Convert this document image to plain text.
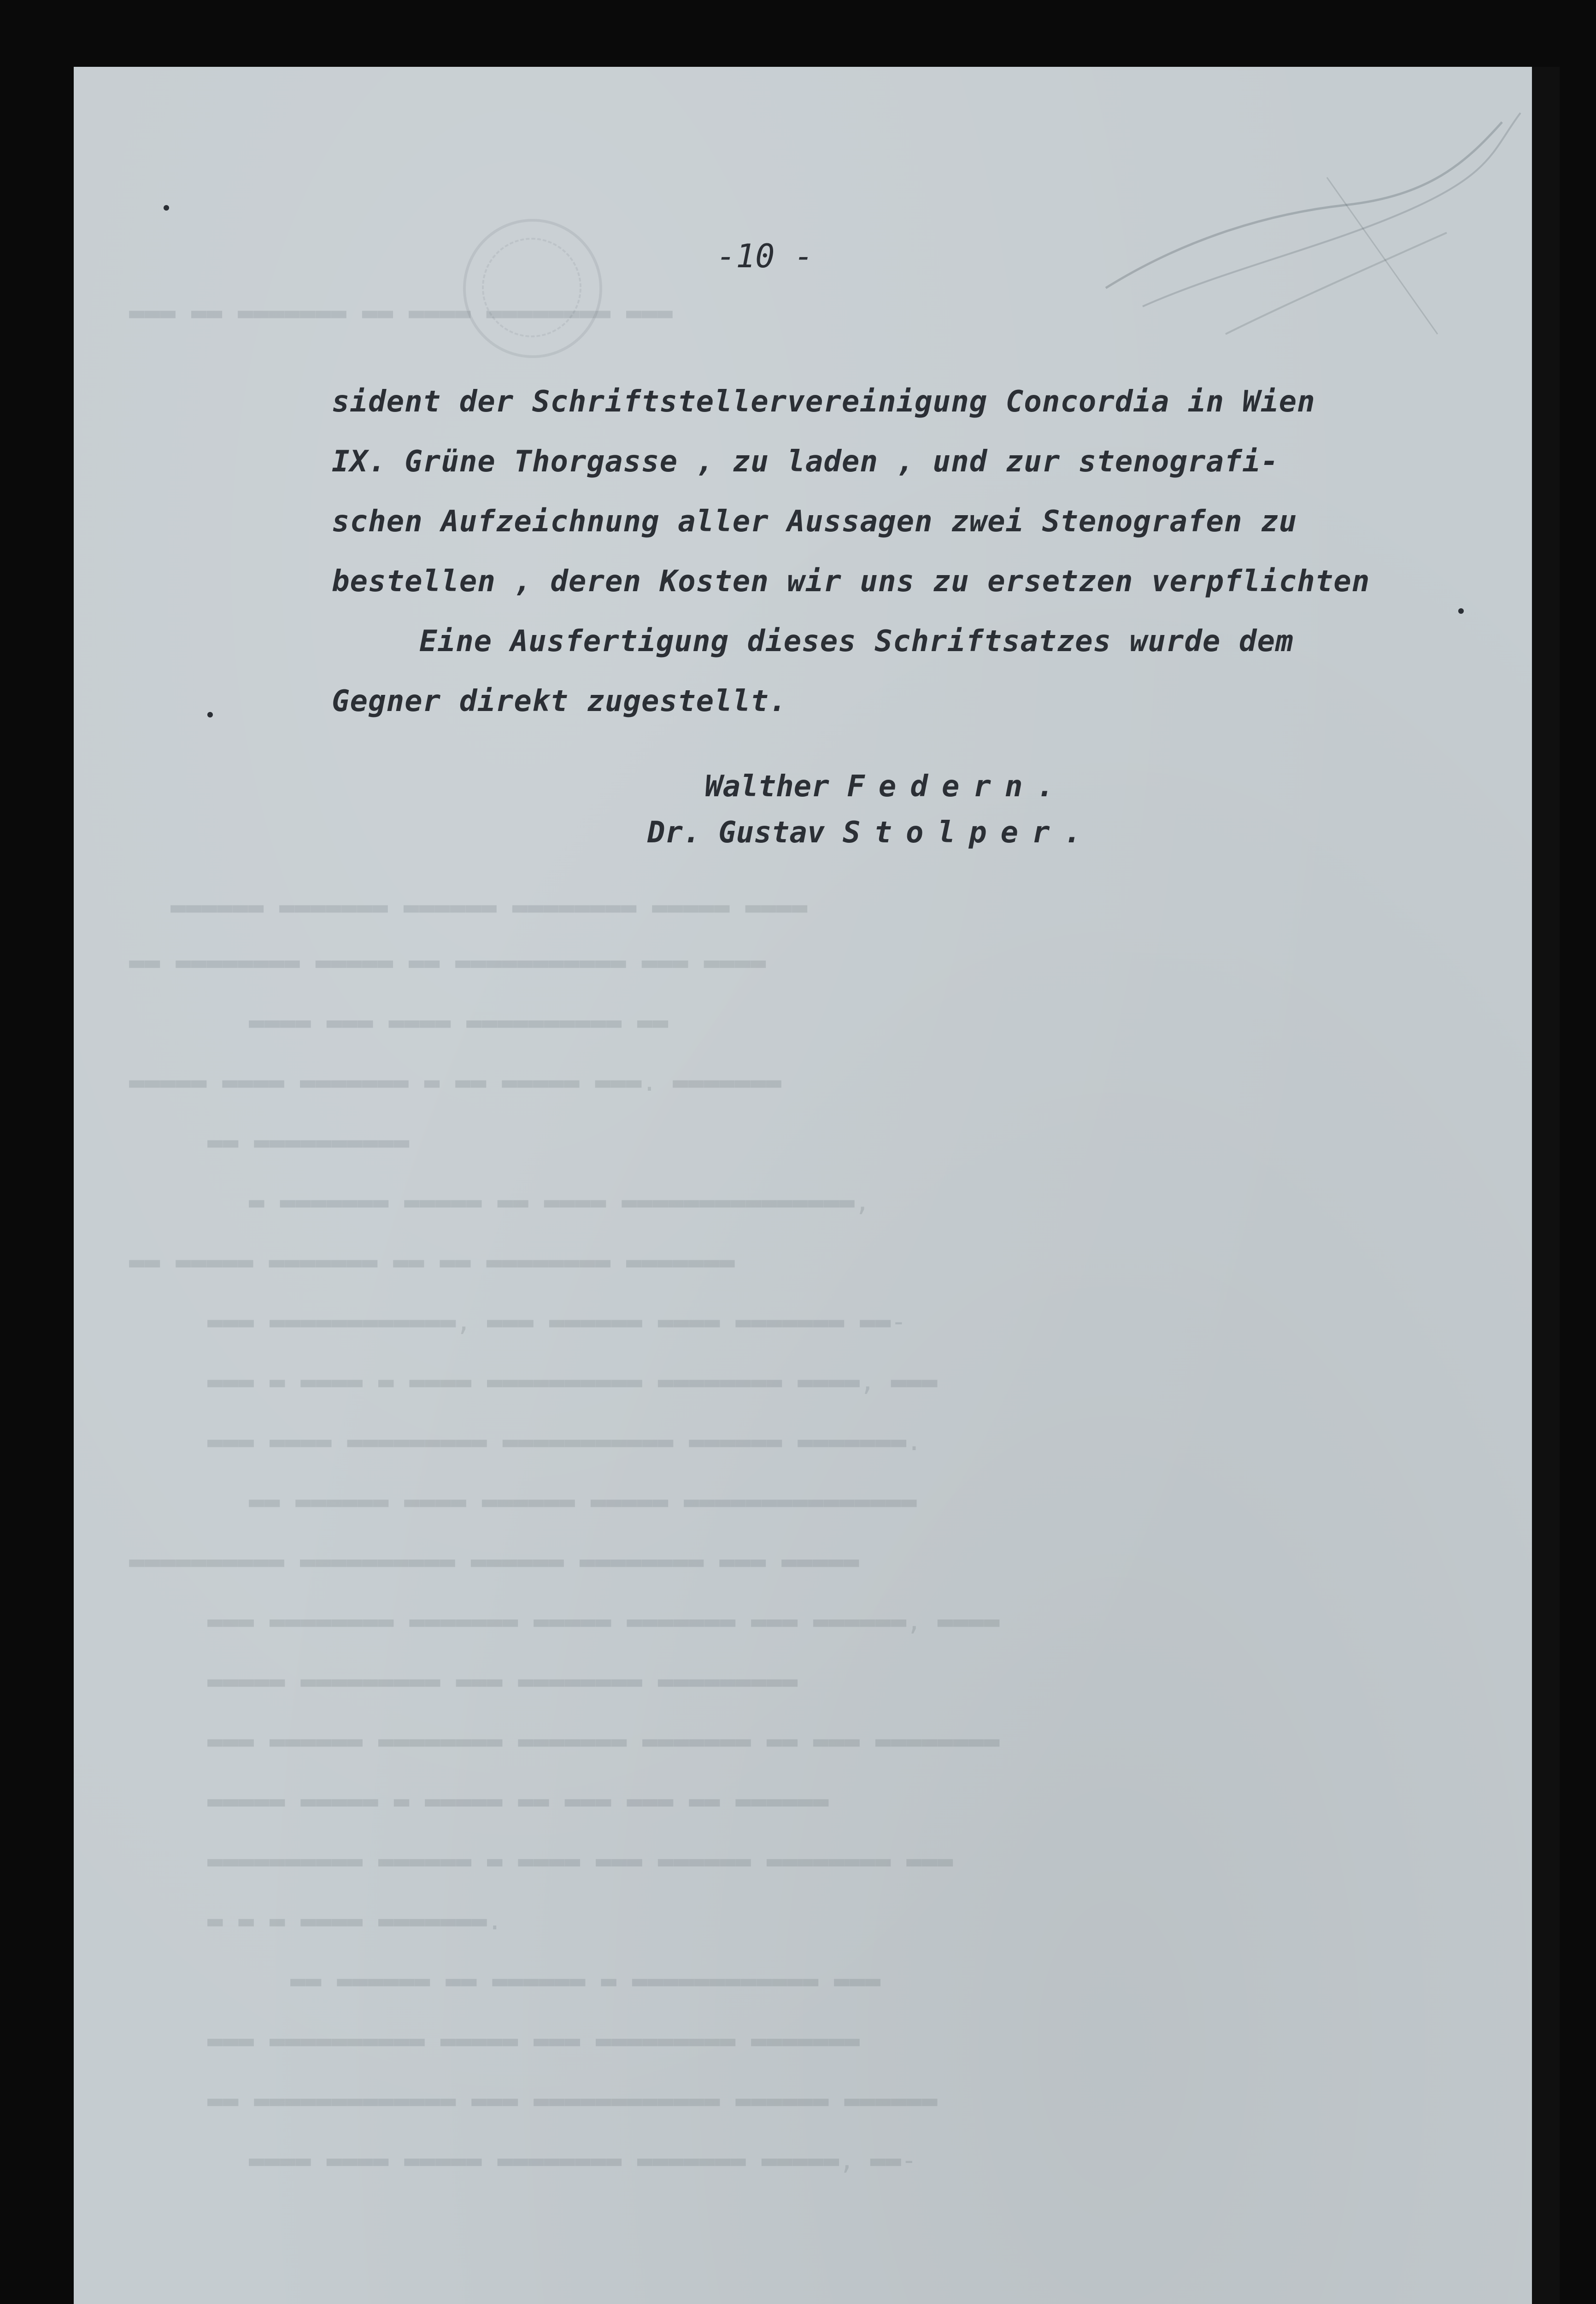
▬▬▬ ▬▬ ▬▬▬▬▬▬▬ ▬▬ ▬▬▬▬ ▬▬▬▬▬▬▬▬ ▬▬▬
▬▬▬▬▬▬ ▬▬▬▬▬▬▬ ▬▬▬▬▬▬ ▬▬▬▬▬▬▬▬ ▬▬▬▬▬ ▬▬▬▬
▬▬ ▬▬▬▬▬▬▬▬ ▬▬▬▬▬ ▬▬ ▬▬▬▬▬▬▬▬▬▬▬ ▬▬▬ ▬▬▬▬
▬▬▬▬ ▬▬▬ ▬▬▬▬ ▬▬▬▬▬▬▬▬▬▬ ▬▬
▬▬▬▬▬ ▬▬▬▬ ▬▬▬▬▬▬▬ ▬ ▬▬ ▬▬▬▬▬ ▬▬▬. ▬▬▬▬▬▬▬
▬▬ ▬▬▬▬▬▬▬▬▬▬
▬ ▬▬▬▬▬▬▬ ▬▬▬▬▬ ▬▬ ▬▬▬▬ ▬▬▬▬▬▬▬▬▬▬▬▬▬▬▬,
▬▬ ▬▬▬▬▬ ▬▬▬▬▬▬▬ ▬▬ ▬▬ ▬▬▬▬▬▬▬▬ ▬▬▬▬▬▬▬
▬▬▬ ▬▬▬▬▬▬▬▬▬▬▬▬, ▬▬▬ ▬▬▬▬▬▬ ▬▬▬▬ ▬▬▬▬▬▬▬ ▬▬-
▬▬▬ ▬ ▬▬▬▬ ▬ ▬▬▬▬ ▬▬▬▬▬▬▬▬▬▬ ▬▬▬▬▬▬▬▬ ▬▬▬▬, ▬▬▬
▬▬▬ ▬▬▬▬ ▬▬▬▬▬▬▬▬▬ ▬▬▬▬▬▬▬▬▬▬▬ ▬▬▬▬▬▬ ▬▬▬▬▬▬▬.
▬▬ ▬▬▬▬▬▬ ▬▬▬▬ ▬▬▬▬▬▬ ▬▬▬▬▬ ▬▬▬▬▬▬▬▬▬▬▬▬▬▬▬
▬▬▬▬▬▬▬▬▬▬ ▬▬▬▬▬▬▬▬▬▬ ▬▬▬▬▬▬ ▬▬▬▬▬▬▬▬ ▬▬▬ ▬▬▬▬▬
▬▬▬ ▬▬▬▬▬▬▬▬ ▬▬▬▬▬▬▬ ▬▬▬▬▬ ▬▬▬▬▬▬▬ ▬▬▬ ▬▬▬▬▬▬, ▬▬▬▬
▬▬▬▬▬ ▬▬▬▬▬▬▬▬▬ ▬▬▬ ▬▬▬▬▬▬▬▬ ▬▬▬▬▬▬▬▬▬
▬▬▬ ▬▬▬▬▬▬ ▬▬▬▬▬▬▬▬ ▬▬▬▬▬▬▬ ▬▬▬▬▬▬▬ ▬▬ ▬▬▬ ▬▬▬▬▬▬▬▬
▬▬▬▬▬ ▬▬▬▬▬ ▬ ▬▬▬▬▬ ▬▬ ▬▬▬ ▬▬▬ ▬▬ ▬▬▬▬▬▬
▬▬▬▬▬▬▬▬▬▬ ▬▬▬▬▬▬ ▬ ▬▬▬▬ ▬▬▬ ▬▬▬▬▬▬ ▬▬▬▬▬▬▬▬ ▬▬▬
▬ ▬ ▬ ▬▬▬▬ ▬▬▬▬▬▬▬.
▬▬ ▬▬▬▬▬▬ ▬▬ ▬▬▬▬▬▬ ▬ ▬▬▬▬▬▬▬▬▬▬▬▬ ▬▬▬
▬▬▬ ▬▬▬▬▬▬▬▬▬▬ ▬▬▬▬▬ ▬▬▬ ▬▬▬▬▬▬▬▬▬ ▬▬▬▬▬▬▬
▬▬ ▬▬▬▬▬▬▬▬▬▬▬▬▬ ▬▬▬ ▬▬▬▬▬▬▬▬▬▬▬▬ ▬▬▬▬▬▬ ▬▬▬▬▬▬
▬▬▬▬ ▬▬▬▬ ▬▬▬▬▬ ▬▬▬▬▬▬▬▬ ▬▬▬▬▬▬▬ ▬▬▬▬▬, ▬▬-
-10 -
sident der Schriftstellervereinigung Concordia in Wien
IX. Grüne Thorgasse , zu laden , und zur stenografi-
schen Aufzeichnung aller Aussagen zwei Stenografen zu
bestellen , deren Kosten wir uns zu ersetzen verpflichten
Eine Ausfertigung dieses Schriftsatzes wurde dem
Gegner direkt zugestellt.
Walther Federn.
Dr. Gustav Stolper.
